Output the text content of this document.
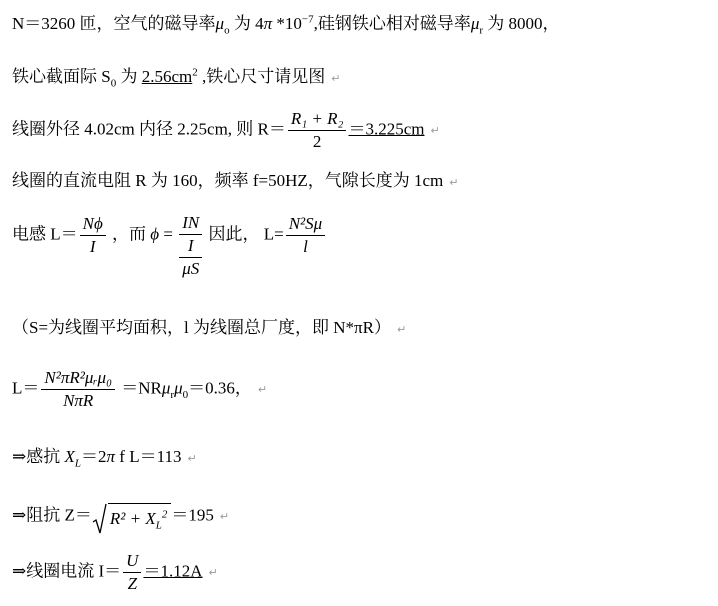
N＝3260 匝，空气的磁导率$\mu_o$ 为 4π $*10^{-7}$,硅钢铁心相对磁导率$\mu_r$ 为 8000，
铁心截面际 $S_0$ 为 $2.56cm^2$ ,铁心尺寸请见图 ↵
线圈外径 4.02cm 内径 2.25cm, 则 $R= \frac{\text{R₁ + R₂}}{2} =3.225cm$ ↵
线圈的直流电阻 R 为 160，频率 f=50HZ，气隙长度为 1cm ↵
电感 $L= \frac{N\phi}{I}$ ，而 $\phi = \frac{IN}{\frac{I}{\mu S}}$ 因此， $L= \frac{\text{N²Sμ}}{l}$
（S=为线圈平均面积，l 为线圈总厂度，即 N*πR） ↵
$L= \frac{\text{N²πR²μᵣμ₀}}{\text{NπR}} =NR\mu_r\mu_0=0.36$， ↵
⇒感抗 $X_L=2\pi$ f L＝113 ↵
⇒阻抗 $Z= R^2 + X_L^2 =195$ ↵
⇒线圈电流 $I= \frac{U}{Z} =1.12A$ ↵
